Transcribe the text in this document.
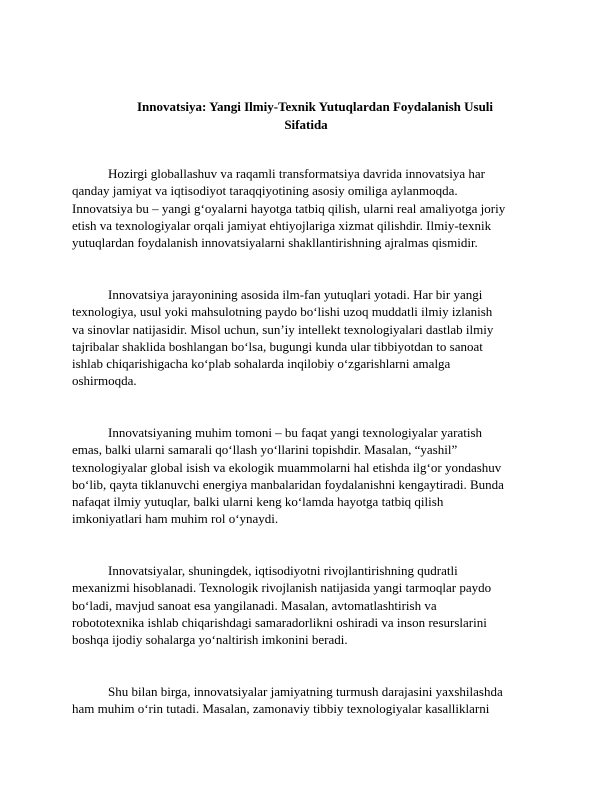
Innovatsiya: Yangi Ilmiy-Texnik Yutuqlardan Foydalanish Usuli
Sifatida

Hozirgi globallashuv va raqamli transformatsiya davrida innovatsiya har
qanday jamiyat va iqtisodiyot taraqqiyotining asosiy omiliga aylanmoqda.
Innovatsiya bu – yangi g‘oyalarni hayotga tatbiq qilish, ularni real amaliyotga joriy
etish va texnologiyalar orqali jamiyat ehtiyojlariga xizmat qilishdir. Ilmiy-texnik
yutuqlardan foydalanish innovatsiyalarni shakllantirishning ajralmas qismidir.

Innovatsiya jarayonining asosida ilm-fan yutuqlari yotadi. Har bir yangi
texnologiya, usul yoki mahsulotning paydo bo‘lishi uzoq muddatli ilmiy izlanish
va sinovlar natijasidir. Misol uchun, sun’iy intellekt texnologiyalari dastlab ilmiy
tajribalar shaklida boshlangan bo‘lsa, bugungi kunda ular tibbiyotdan to sanoat
ishlab chiqarishigacha ko‘plab sohalarda inqilobiy o‘zgarishlarni amalga
oshirmoqda.

Innovatsiyaning muhim tomoni – bu faqat yangi texnologiyalar yaratish
emas, balki ularni samarali qo‘llash yo‘llarini topishdir. Masalan, “yashil”
texnologiyalar global isish va ekologik muammolarni hal etishda ilg‘or yondashuv
bo‘lib, qayta tiklanuvchi energiya manbalaridan foydalanishni kengaytiradi. Bunda
nafaqat ilmiy yutuqlar, balki ularni keng ko‘lamda hayotga tatbiq qilish
imkoniyatlari ham muhim rol o‘ynaydi.

Innovatsiyalar, shuningdek, iqtisodiyotni rivojlantirishning qudratli
mexanizmi hisoblanadi. Texnologik rivojlanish natijasida yangi tarmoqlar paydo
bo‘ladi, mavjud sanoat esa yangilanadi. Masalan, avtomatlashtirish va
robototexnika ishlab chiqarishdagi samaradorlikni oshiradi va inson resurslarini
boshqa ijodiy sohalarga yo‘naltirish imkonini beradi.

Shu bilan birga, innovatsiyalar jamiyatning turmush darajasini yaxshilashda
ham muhim o‘rin tutadi. Masalan, zamonaviy tibbiy texnologiyalar kasalliklarni
